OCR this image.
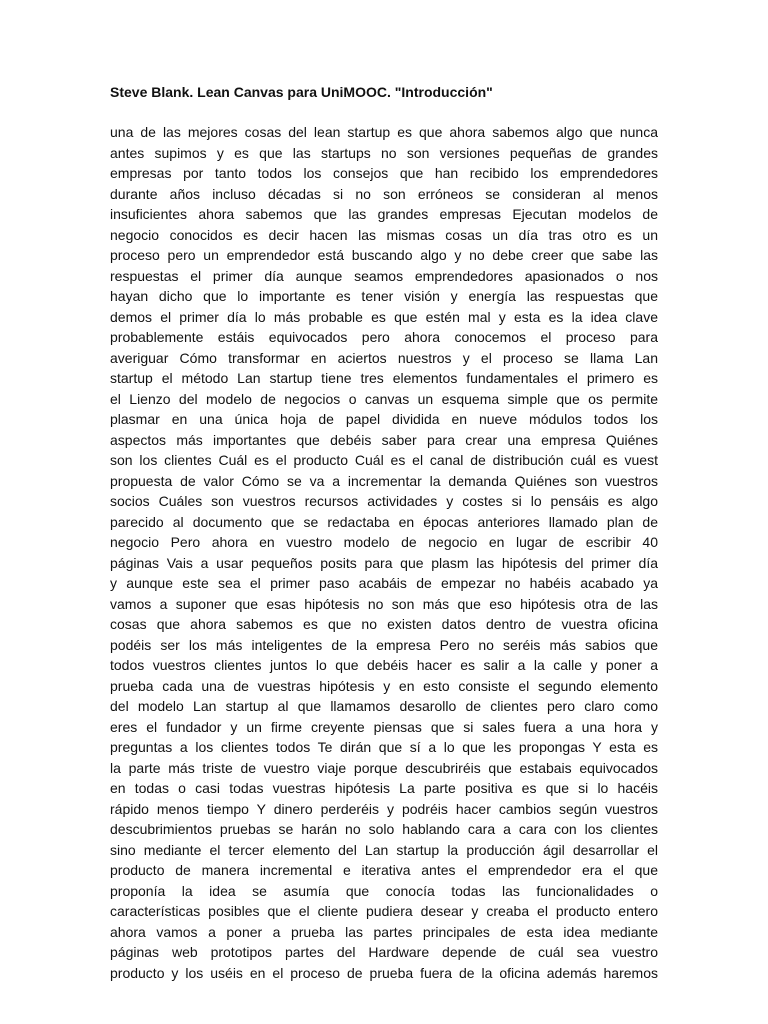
Steve Blank. Lean Canvas para UniMOOC. "Introducción"
una de las mejores cosas del lean startup es que ahora sabemos algo que nunca
antes supimos y es que las startups no son versiones pequeñas de grandes
empresas por tanto todos los consejos que han recibido los emprendedores
durante años incluso décadas si no son erróneos se consideran al menos
insuficientes ahora sabemos que las grandes empresas Ejecutan modelos de
negocio conocidos es decir hacen las mismas cosas un día tras otro es un
proceso pero un emprendedor está buscando algo y no debe creer que sabe las
respuestas el primer día aunque seamos emprendedores apasionados o nos
hayan dicho que lo importante es tener visión y energía las respuestas que
demos el primer día lo más probable es que estén mal y esta es la idea clave
probablemente estáis equivocados pero ahora conocemos el proceso para
averiguar Cómo transformar en aciertos nuestros y el proceso se llama Lan
startup el método Lan startup tiene tres elementos fundamentales el primero es
el Lienzo del modelo de negocios o canvas un esquema simple que os permite
plasmar en una única hoja de papel dividida en nueve módulos todos los
aspectos más importantes que debéis saber para crear una empresa Quiénes
son los clientes Cuál es el producto Cuál es el canal de distribución cuál es vuest
propuesta de valor Cómo se va a incrementar la demanda Quiénes son vuestros
socios Cuáles son vuestros recursos actividades y costes si lo pensáis es algo
parecido al documento que se redactaba en épocas anteriores llamado plan de
negocio Pero ahora en vuestro modelo de negocio en lugar de escribir 40
páginas Vais a usar pequeños posits para que plasm las hipótesis del primer día
y aunque este sea el primer paso acabáis de empezar no habéis acabado ya
vamos a suponer que esas hipótesis no son más que eso hipótesis otra de las
cosas que ahora sabemos es que no existen datos dentro de vuestra oficina
podéis ser los más inteligentes de la empresa Pero no seréis más sabios que
todos vuestros clientes juntos lo que debéis hacer es salir a la calle y poner a
prueba cada una de vuestras hipótesis y en esto consiste el segundo elemento
del modelo Lan startup al que llamamos desarollo de clientes pero claro como
eres el fundador y un firme creyente piensas que si sales fuera a una hora y
preguntas a los clientes todos Te dirán que sí a lo que les propongas Y esta es
la parte más triste de vuestro viaje porque descubriréis que estabais equivocados
en todas o casi todas vuestras hipótesis La parte positiva es que si lo hacéis
rápido menos tiempo Y dinero perderéis y podréis hacer cambios según vuestros
descubrimientos pruebas se harán no solo hablando cara a cara con los clientes
sino mediante el tercer elemento del Lan startup la producción ágil desarrollar el
producto de manera incremental e iterativa antes el emprendedor era el que
proponía la idea se asumía que conocía todas las funcionalidades o
características posibles que el cliente pudiera desear y creaba el producto entero
ahora vamos a poner a prueba las partes principales de esta idea mediante
páginas web prototipos partes del Hardware depende de cuál sea vuestro
producto y los uséis en el proceso de prueba fuera de la oficina además haremos
